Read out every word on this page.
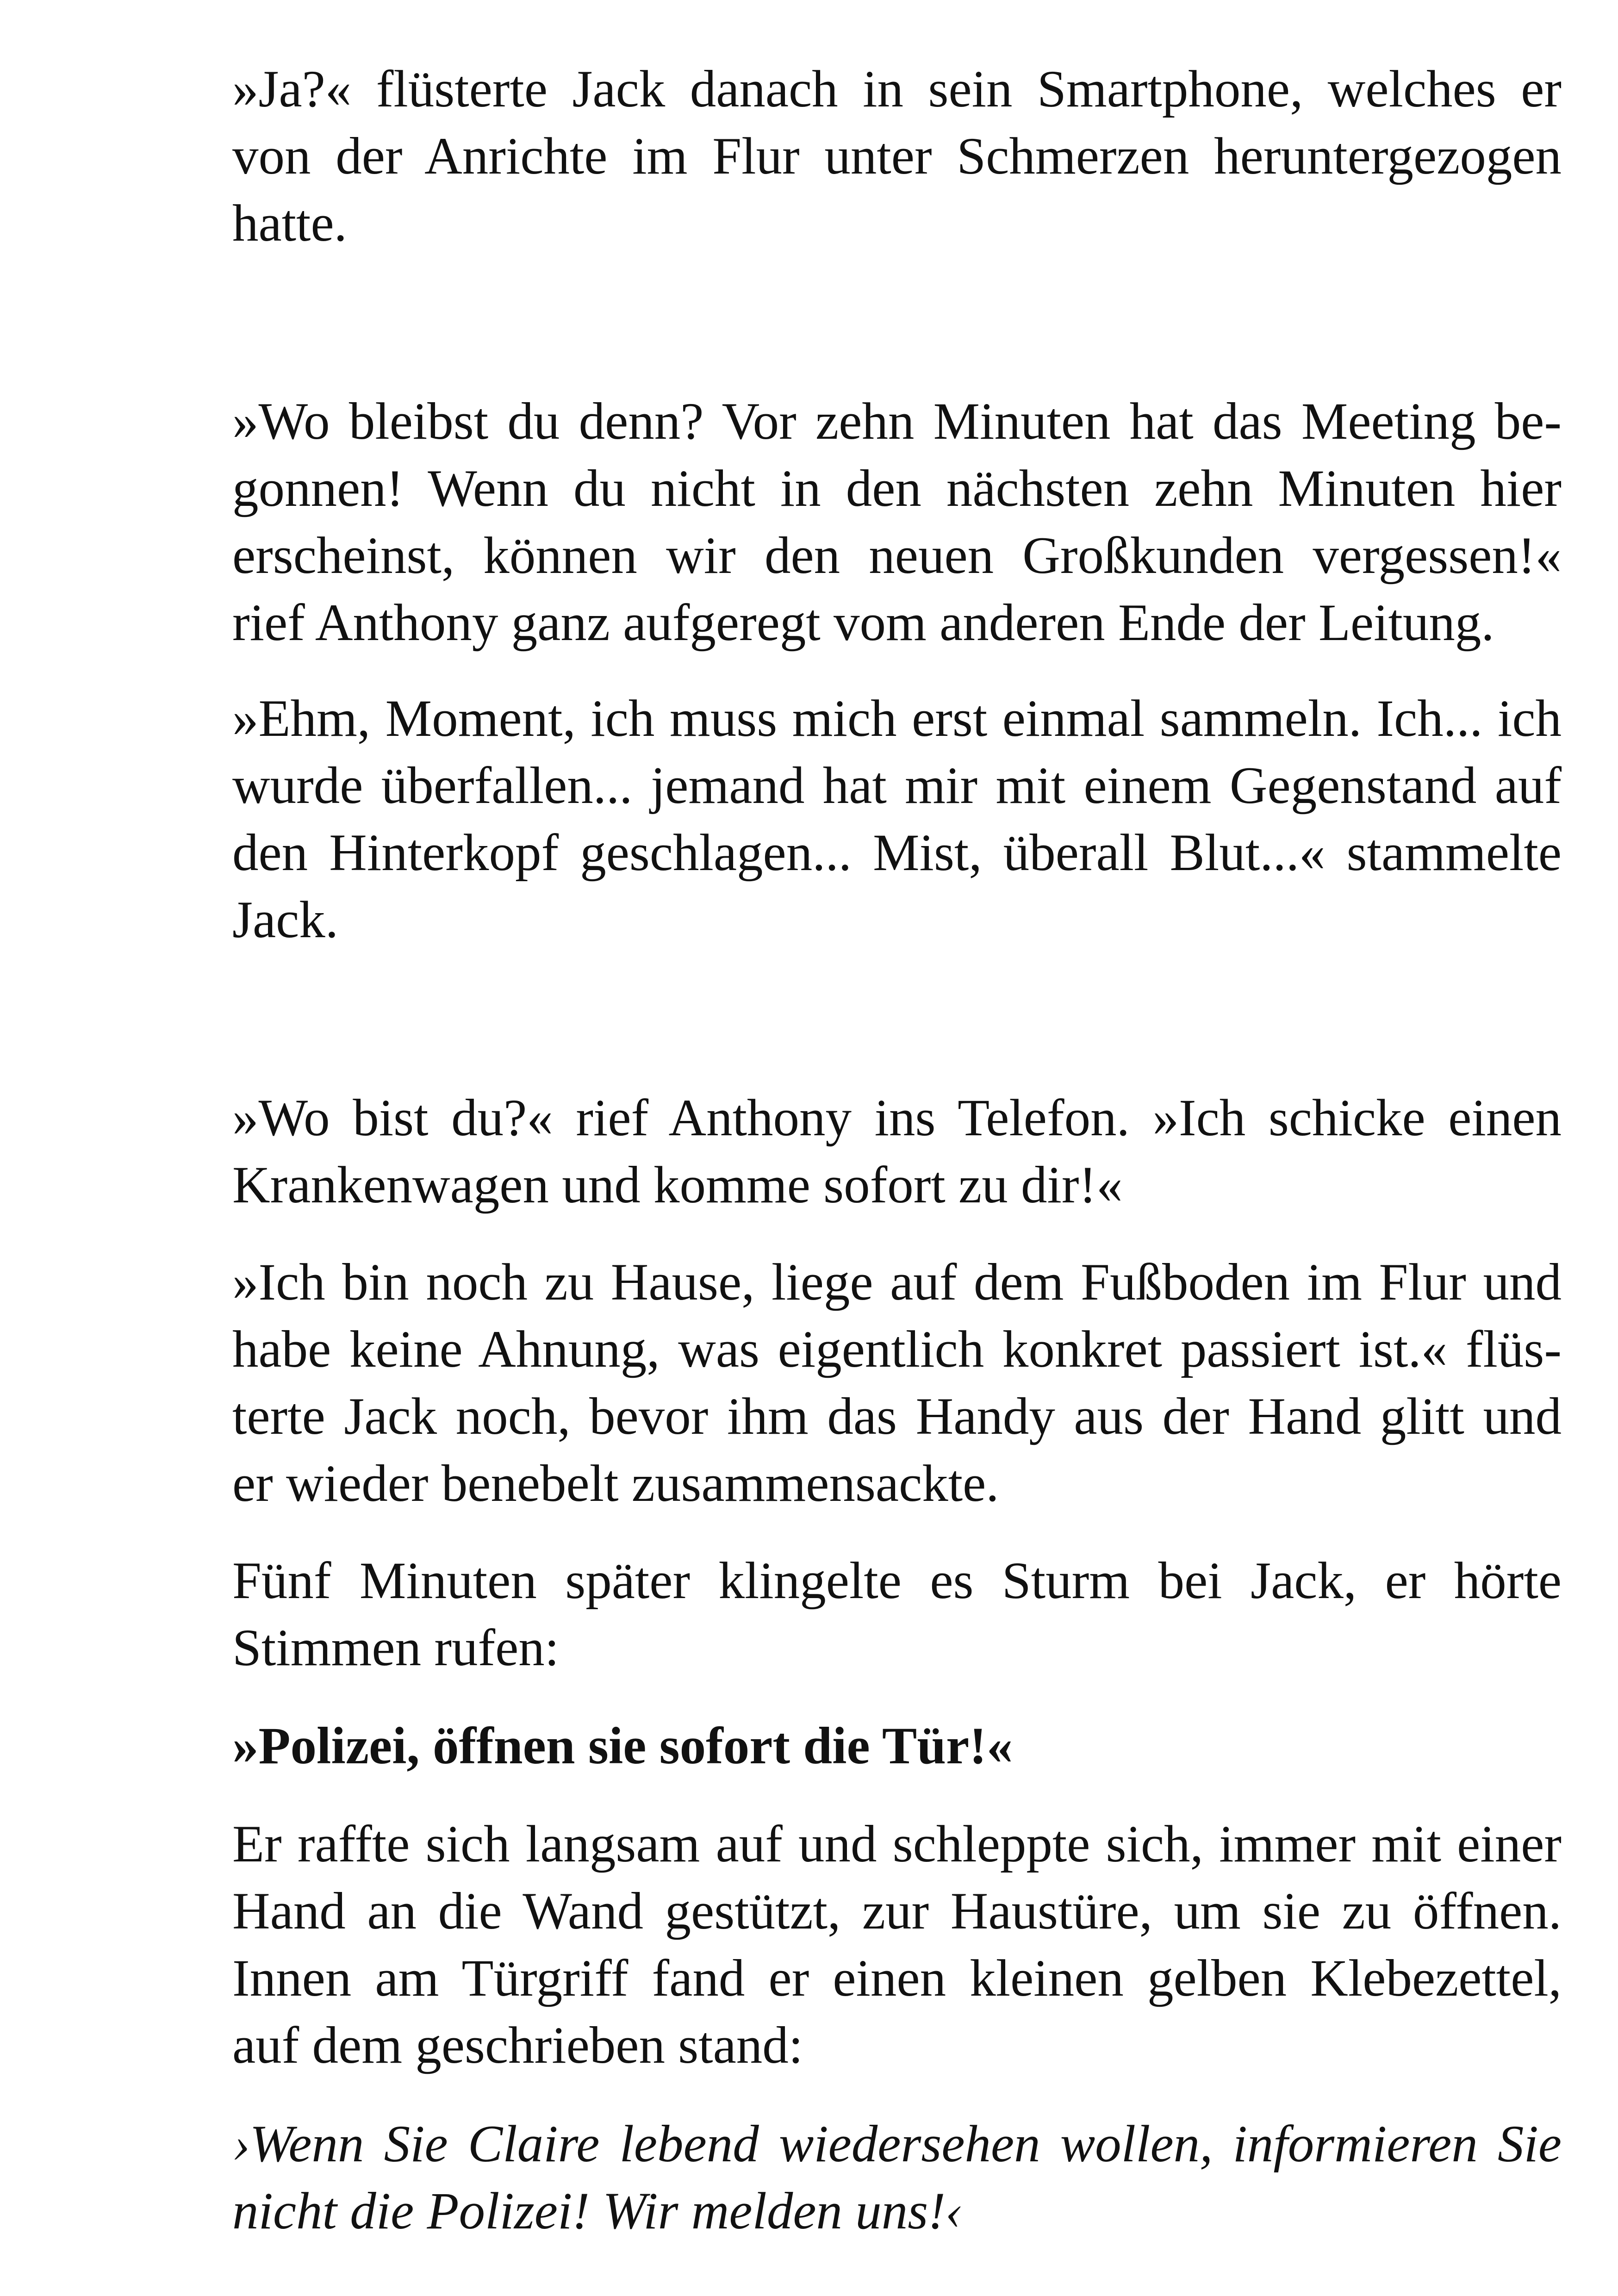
»Ja?« flüsterte Jack danach in sein Smartphone, welches er
von der Anrichte im Flur unter Schmerzen heruntergezogen
hatte.
»Wo bleibst du denn? Vor zehn Minuten hat das Meeting be-
gonnen! Wenn du nicht in den nächsten zehn Minuten hier
erscheinst, können wir den neuen Großkunden vergessen!«
rief Anthony ganz aufgeregt vom anderen Ende der Leitung.
»Ehm, Moment, ich muss mich erst einmal sammeln. Ich... ich
wurde überfallen... jemand hat mir mit einem Gegenstand auf
den Hinterkopf geschlagen... Mist, überall Blut...« stammelte
Jack.
»Wo bist du?« rief Anthony ins Telefon. »Ich schicke einen
Krankenwagen und komme sofort zu dir!«
»Ich bin noch zu Hause, liege auf dem Fußboden im Flur und
habe keine Ahnung, was eigentlich konkret passiert ist.« flüs-
terte Jack noch, bevor ihm das Handy aus der Hand glitt und
er wieder benebelt zusammensackte.
Fünf Minuten später klingelte es Sturm bei Jack, er hörte
Stimmen rufen:
»Polizei, öffnen sie sofort die Tür!«
Er raffte sich langsam auf und schleppte sich, immer mit einer
Hand an die Wand gestützt, zur Haustüre, um sie zu öffnen.
Innen am Türgriff fand er einen kleinen gelben Klebezettel,
auf dem geschrieben stand:
›Wenn Sie Claire lebend wiedersehen wollen, informieren Sie
nicht die Polizei! Wir melden uns!‹
